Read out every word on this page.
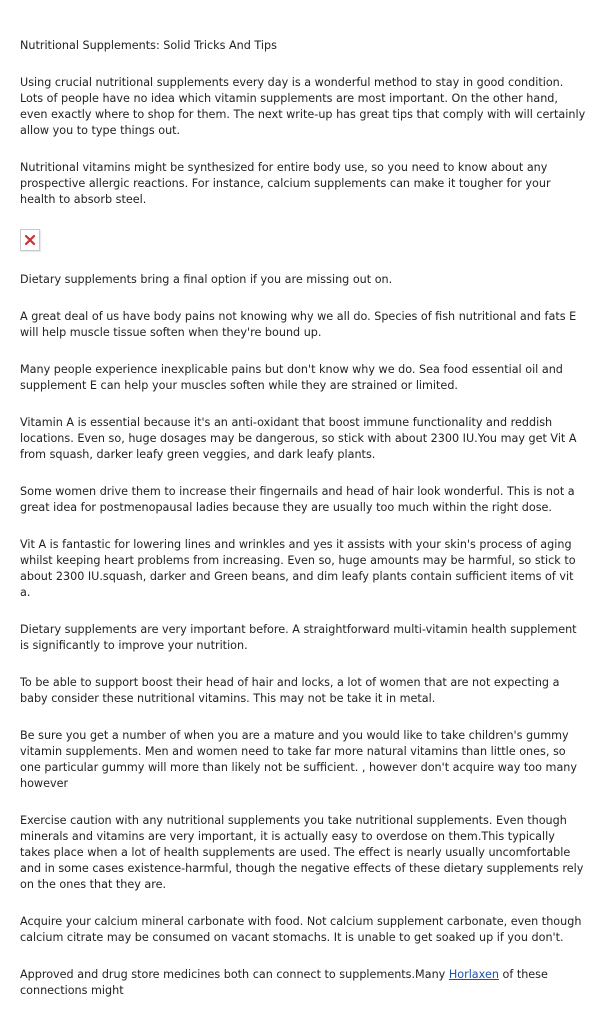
Nutritional Supplements: Solid Tricks And Tips

Using crucial nutritional supplements every day is a wonderful method to stay in good condition. Lots of people have no idea which vitamin supplements are most important. On the other hand, even exactly where to shop for them. The next write-up has great tips that comply with will certainly allow you to type things out.

Nutritional vitamins might be synthesized for entire body use, so you need to know about any prospective allergic reactions. For instance, calcium supplements can make it tougher for your health to absorb steel.

Dietary supplements bring a final option if you are missing out on.

A great deal of us have body pains not knowing why we all do. Species of fish nutritional and fats E will help muscle tissue soften when they're bound up.

Many people experience inexplicable pains but don't know why we do. Sea food essential oil and supplement E can help your muscles soften while they are strained or limited.

Vitamin A is essential because it's an anti-oxidant that boost immune functionality and reddish locations. Even so, huge dosages may be dangerous, so stick with about 2300 IU.You may get Vit A from squash, darker leafy green veggies, and dark leafy plants.

Some women drive them to increase their fingernails and head of hair look wonderful. This is not a great idea for postmenopausal ladies because they are usually too much within the right dose.

Vit A is fantastic for lowering lines and wrinkles and yes it assists with your skin's process of aging whilst keeping heart problems from increasing. Even so, huge amounts may be harmful, so stick to about 2300 IU.squash, darker and Green beans, and dim leafy plants contain sufficient items of vit a.

Dietary supplements are very important before. A straightforward multi-vitamin health supplement is significantly to improve your nutrition.

To be able to support boost their head of hair and locks, a lot of women that are not expecting a baby consider these nutritional vitamins. This may not be take it in metal.

Be sure you get a number of when you are a mature and you would like to take children's gummy vitamin supplements. Men and women need to take far more natural vitamins than little ones, so one particular gummy will more than likely not be sufficient. , however don't acquire way too many however

Exercise caution with any nutritional supplements you take nutritional supplements. Even though minerals and vitamins are very important, it is actually easy to overdose on them.This typically takes place when a lot of health supplements are used. The effect is nearly usually uncomfortable and in some cases existence-harmful, though the negative effects of these dietary supplements rely on the ones that they are.

Acquire your calcium mineral carbonate with food. Not calcium supplement carbonate, even though calcium citrate may be consumed on vacant stomachs. It is unable to get soaked up if you don't.

Approved and drug store medicines both can connect to supplements.Many Horlaxen of these connections might
